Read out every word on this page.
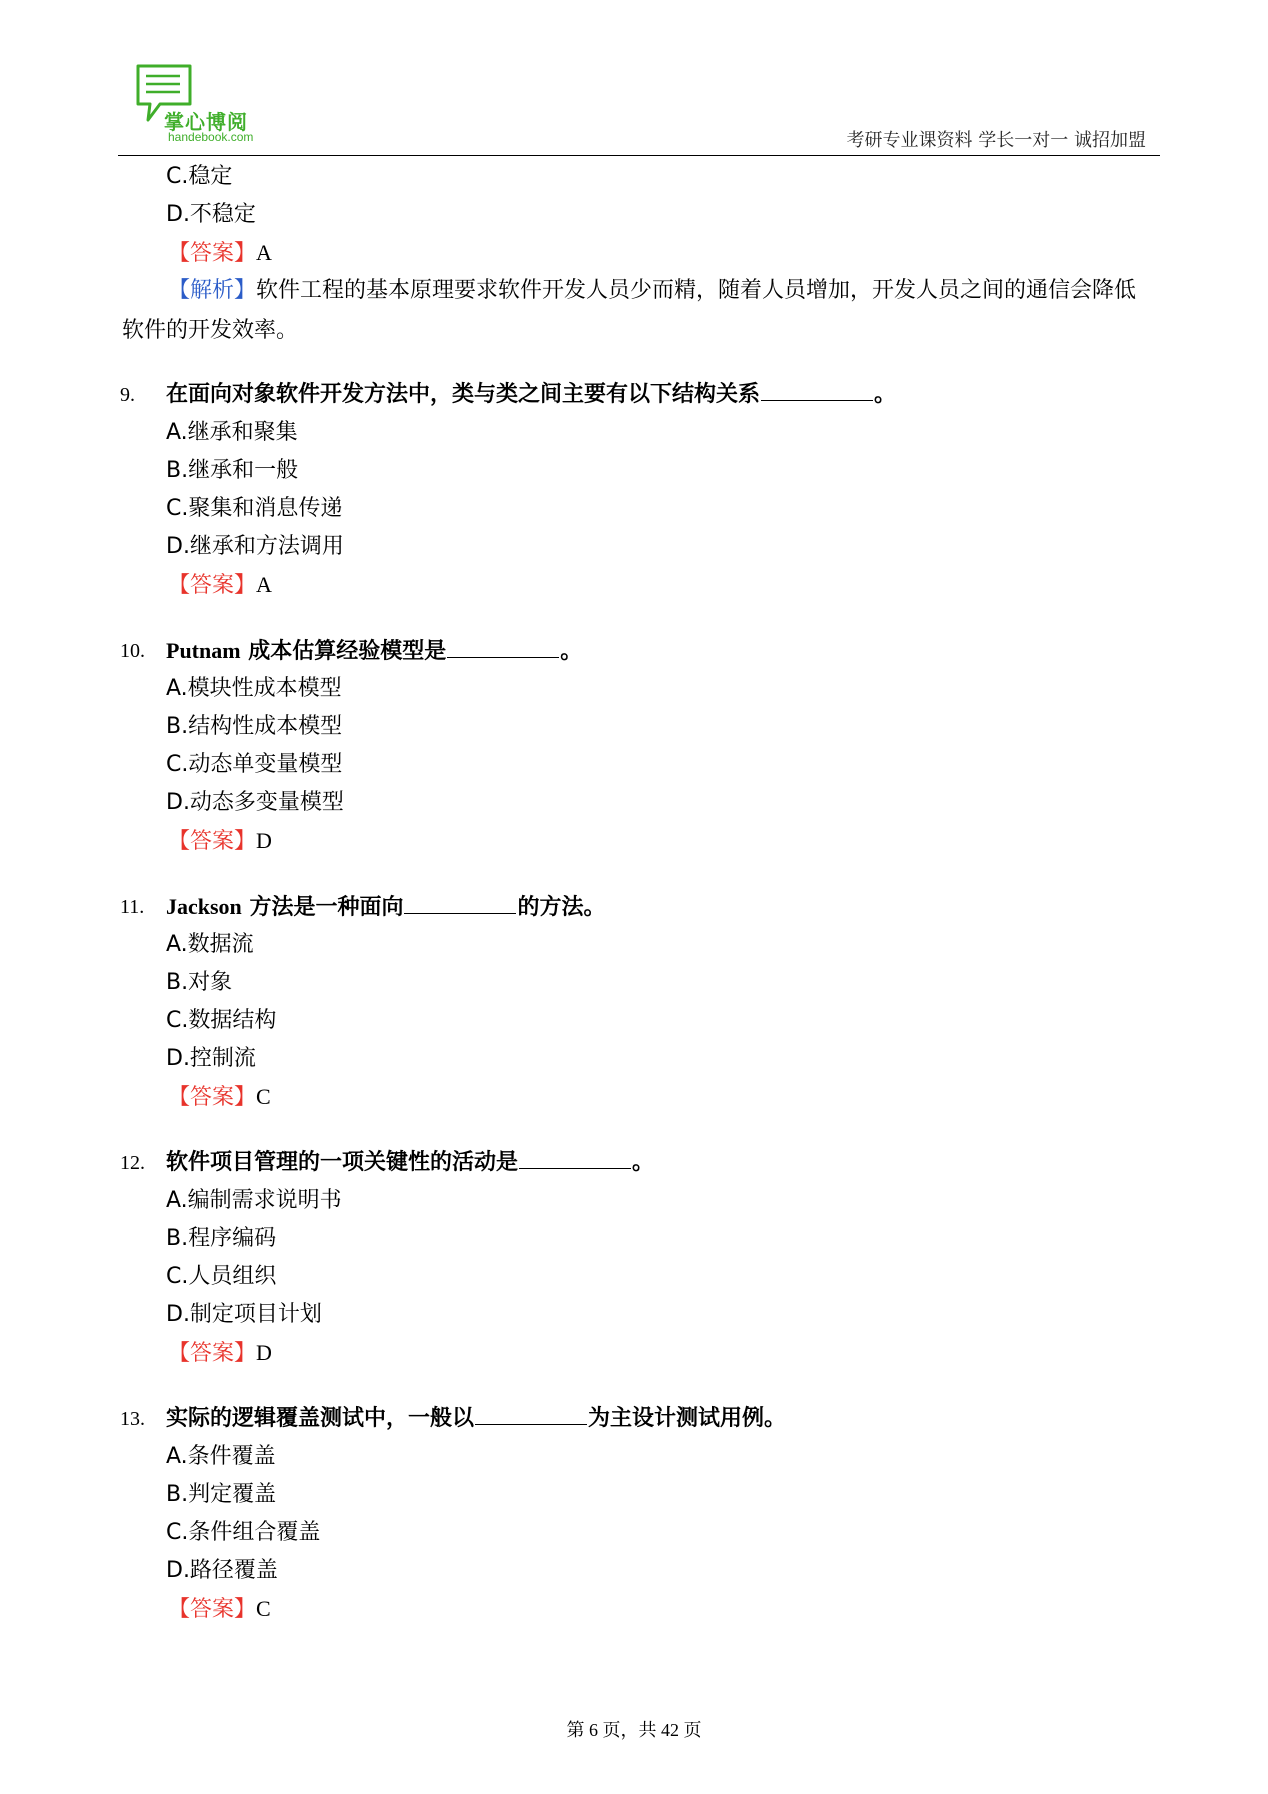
掌心博阅
handebook.com	考研专业课资料 学长一对一 诚招加盟
C.稳定
D.不稳定
【答案】A
【解析】软件工程的基本原理要求软件开发人员少而精，随着人员增加，开发人员之间的通信会降低
软件的开发效率。
9. 在面向对象软件开发方法中，类与类之间主要有以下结构关系	。
A.继承和聚集
B.继承和一般
C.聚集和消息传递
D.继承和方法调用
【答案】A
10. Putnam 成本估算经验模型是	。
A.模块性成本模型
B.结构性成本模型
C.动态单变量模型
D.动态多变量模型
【答案】D
11. Jackson 方法是一种面向	的方法。
A.数据流
B.对象
C.数据结构
D.控制流
【答案】C
12. 软件项目管理的一项关键性的活动是	。
A.编制需求说明书
B.程序编码
C.人员组织
D.制定项目计划
【答案】D
13. 实际的逻辑覆盖测试中，一般以	为主设计测试用例。
A.条件覆盖
B.判定覆盖
C.条件组合覆盖
D.路径覆盖
【答案】C
第 6 页，共 42 页
